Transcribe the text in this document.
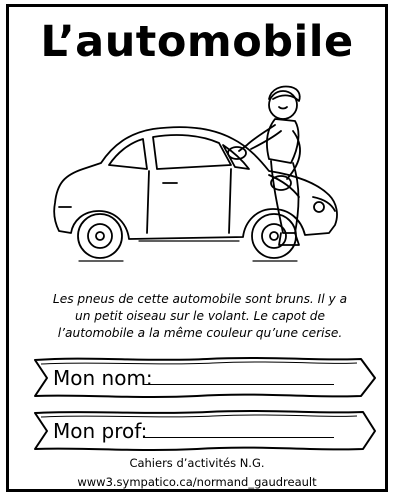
L’automobile
Les pneus de cette automobile sont bruns. Il y a
un petit oiseau sur le volant. Le capot de
l’automobile a la même couleur qu’une cerise.
Mon nom:
Mon prof:
Cahiers d’activités N.G.
www3.sympatico.ca/normand_gaudreault
